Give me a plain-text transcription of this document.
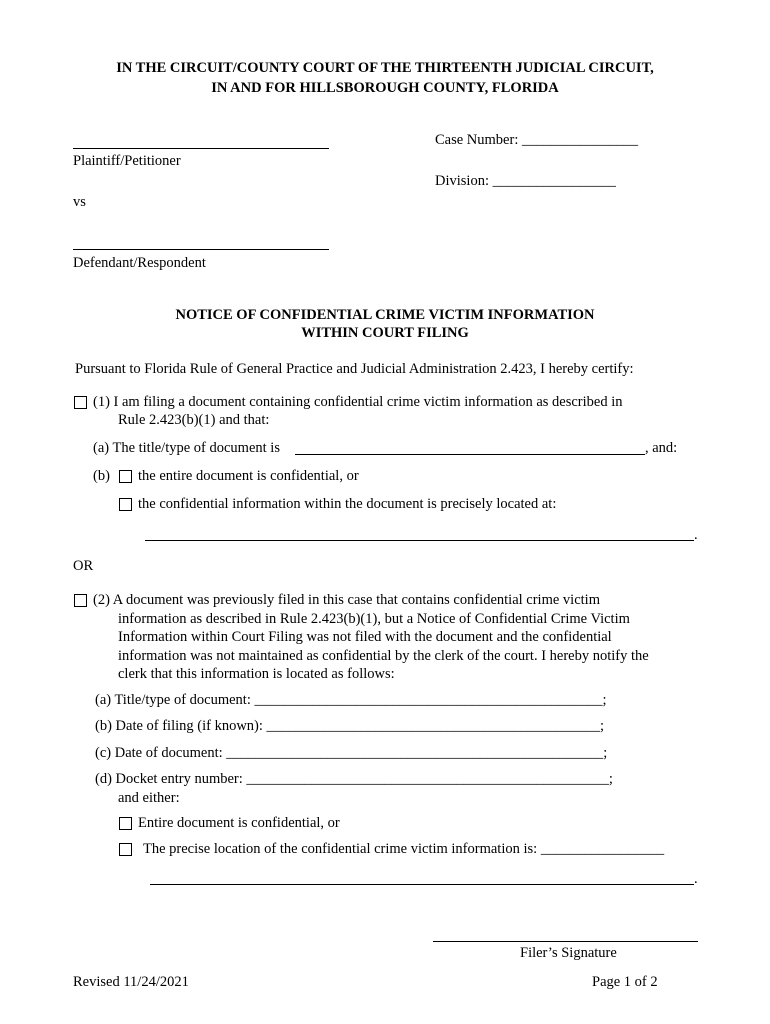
IN THE CIRCUIT/COUNTY COURT OF THE THIRTEENTH JUDICIAL CIRCUIT,
IN AND FOR HILLSBOROUGH COUNTY, FLORIDA
Plaintiff/Petitioner
Case Number: ________________
Division: _________________
vs
Defendant/Respondent
NOTICE OF CONFIDENTIAL CRIME VICTIM INFORMATION
WITHIN COURT FILING
Pursuant to Florida Rule of General Practice and Judicial Administration 2.423, I hereby certify:
(1) I am filing a document containing confidential crime victim information as described in
Rule 2.423(b)(1) and that:
(a) The title/type of document is	, and:
(b) the entire document is confidential, or
the confidential information within the document is precisely located at:
.
OR
(2) A document was previously filed in this case that contains confidential crime victim
information as described in Rule 2.423(b)(1), but a Notice of Confidential Crime Victim
Information within Court Filing was not filed with the document and the confidential
information was not maintained as confidential by the clerk of the court. I hereby notify the
clerk that this information is located as follows:
(a) Title/type of document: ________________________________________________;
(b) Date of filing (if known): ______________________________________________;
(c) Date of document: ____________________________________________________;
(d) Docket entry number: __________________________________________________;
and either:
Entire document is confidential, or
The precise location of the confidential crime victim information is: _________________
.
Filer’s Signature
Revised 11/24/2021	Page 1 of 2
